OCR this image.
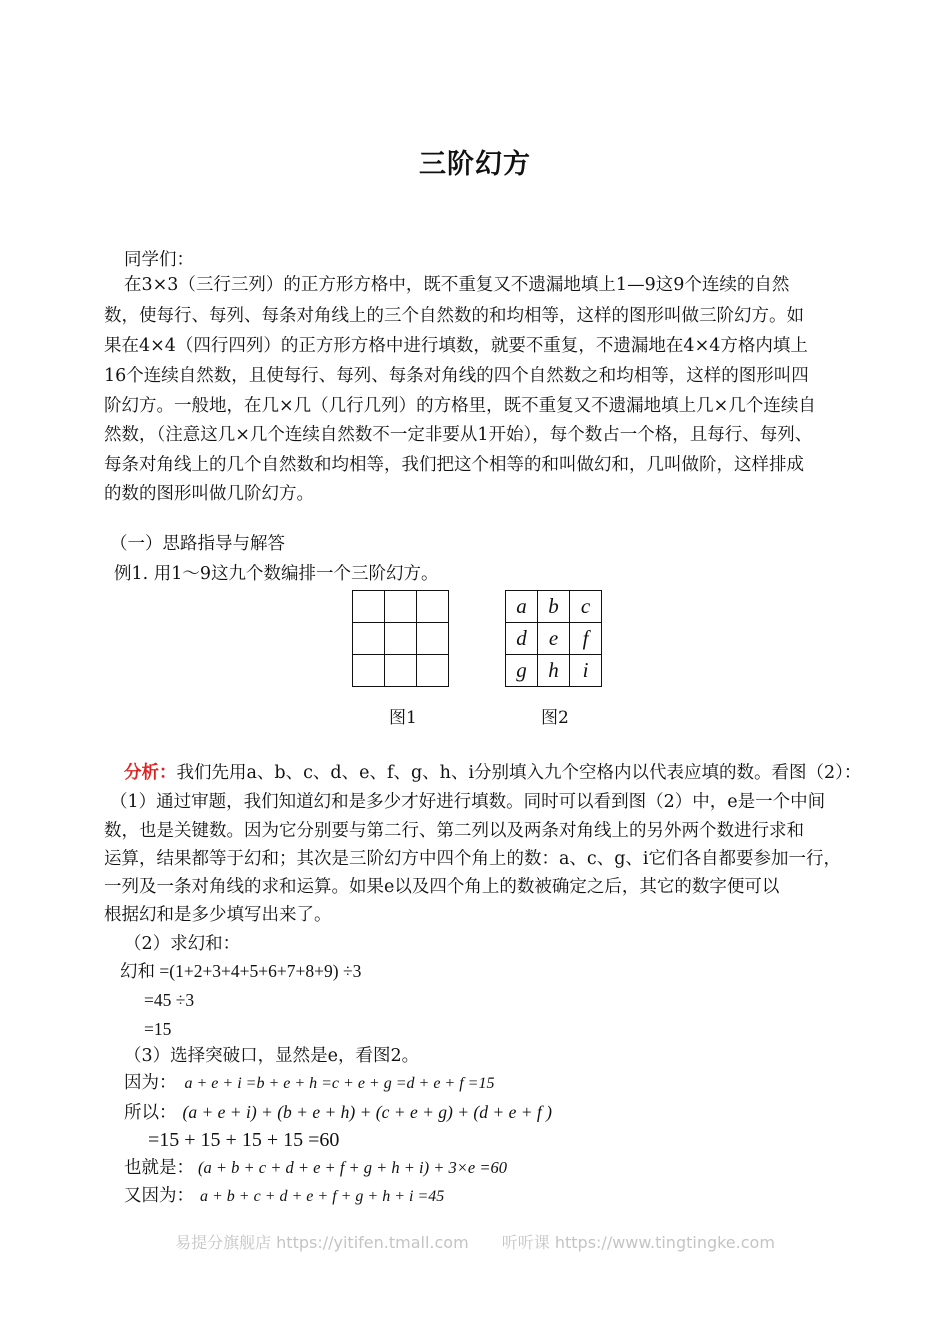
三阶幻方
同学们：
在3×3（三行三列）的正方形方格中，既不重复又不遗漏地填上1—9这9个连续的自然
数，使每行、每列、每条对角线上的三个自然数的和均相等，这样的图形叫做三阶幻方。如
果在4×4（四行四列）的正方形方格中进行填数，就要不重复，不遗漏地在4×4方格内填上
16个连续自然数，且使每行、每列、每条对角线的四个自然数之和均相等，这样的图形叫四
阶幻方。一般地，在几×几（几行几列）的方格里，既不重复又不遗漏地填上几×几个连续自
然数，（注意这几×几个连续自然数不一定非要从1开始），每个数占一个格，且每行、每列、
每条对角线上的几个自然数和均相等，我们把这个相等的和叫做幻和，几叫做阶，这样排成
的数的图形叫做几阶幻方。
（一）思路指导与解答
例1. 用1～9这九个数编排一个三阶幻方。

a	b	c
d	e	f
g	h	i
图1	图2
分析：我们先用a、b、c、d、e、f、g、h、i分别填入九个空格内以代表应填的数。看图（2）：
（1）通过审题，我们知道幻和是多少才好进行填数。同时可以看到图（2）中，e是一个中间
数，也是关键数。因为它分别要与第二行、第二列以及两条对角线上的另外两个数进行求和
运算，结果都等于幻和；其次是三阶幻方中四个角上的数：a、c、g、i它们各自都要参加一行，
一列及一条对角线的求和运算。如果e以及四个角上的数被确定之后，其它的数字便可以
根据幻和是多少填写出来了。
（2）求幻和：
幻和 =(1+2+3+4+5+6+7+8+9) ÷3
=45 ÷3
=15
（3）选择突破口，显然是e，看图2。
因为： a + e + i =b + e + h =c + e + g =d + e + f =15
所以： (a + e + i) + (b + e + h) + (c + e + g) + (d + e + f )
=15 + 15 + 15 + 15 =60
也就是： (a + b + c + d + e + f + g + h + i) + 3×e =60
又因为： a + b + c + d + e + f + g + h + i =45
易提分旗舰店 https://yitifen.tmall.com 听听课 https://www.tingtingke.com
